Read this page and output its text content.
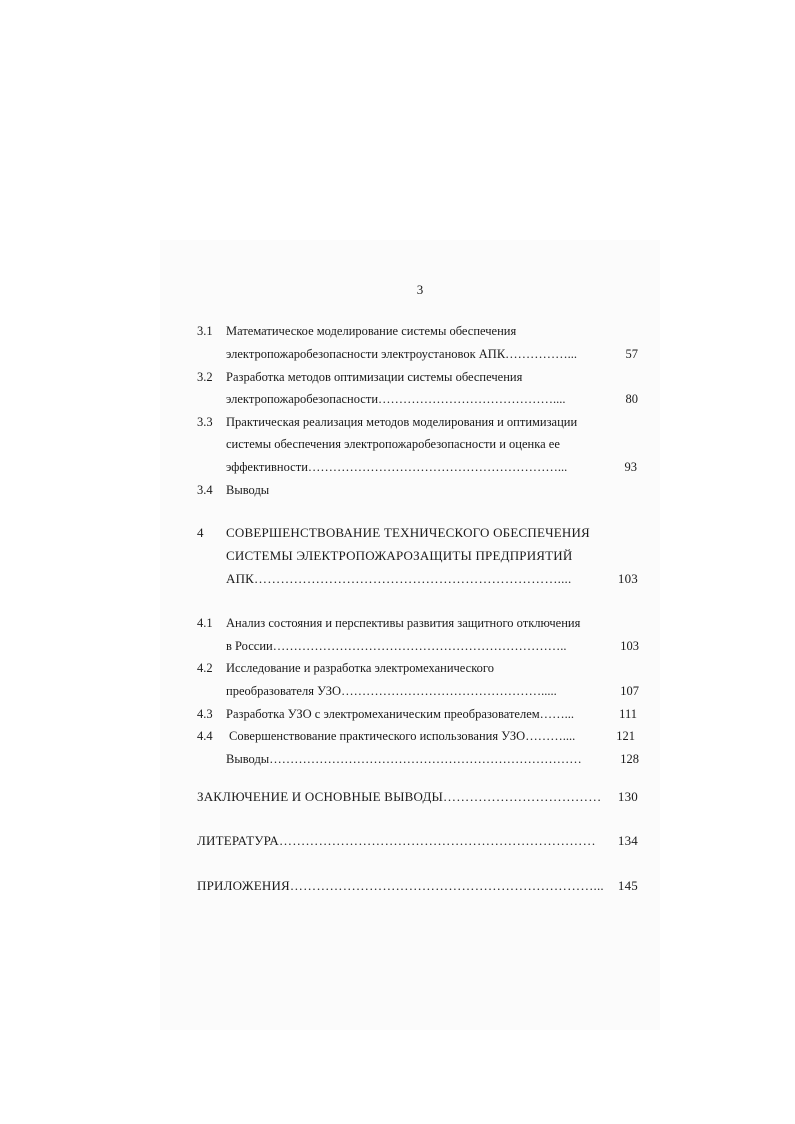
3
3.1 Математическое моделирование системы обеспечения
электропожаробезопасности электроустановок АПК……………...	57
3.2 Разработка методов оптимизации системы обеспечения
электропожаробезопасности……………………………………....	80
3.3 Практическая реализация методов моделирования и оптимизации
системы обеспечения электропожаробезопасности и оценка ее
эффективности……………………………………………………...	93
3.4 Выводы
4 СОВЕРШЕНСТВОВАНИЕ ТЕХНИЧЕСКОГО ОБЕСПЕЧЕНИЯ
СИСТЕМЫ ЭЛЕКТРОПОЖАРОЗАЩИТЫ ПРЕДПРИЯТИЙ
АПК……………………………………………………………....	103
4.1 Анализ состояния и перспективы развития защитного отключения
в России……………………………………………………………..	103
4.2 Исследование и разработка электромеханического
преобразователя УЗО………………………………………….....	107
4.3 Разработка УЗО с электромеханическим преобразователем……...	111
4.4 Совершенствование практического использования УЗО………....	121
Выводы…………………………………………………………………	128
ЗАКЛЮЧЕНИЕ И ОСНОВНЫЕ ВЫВОДЫ………………………………	130
ЛИТЕРАТУРА………………………………………………………………	134
ПРИЛОЖЕНИЯ……………………………………………………………...	145
